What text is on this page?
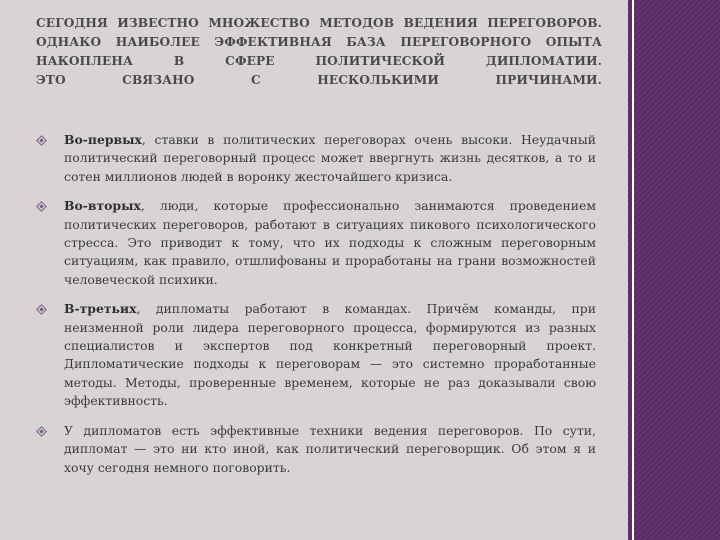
СЕГОДНЯ ИЗВЕСТНО МНОЖЕСТВО МЕТОДОВ ВЕДЕНИЯ ПЕРЕГОВОРОВ.
ОДНАКО НАИБОЛЕЕ ЭФФЕКТИВНАЯ БАЗА ПЕРЕГОВОРНОГО ОПЫТА
НАКОПЛЕНА В СФЕРЕ ПОЛИТИЧЕСКОЙ ДИПЛОМАТИИ.
ЭТО СВЯЗАНО С НЕСКОЛЬКИМИ ПРИЧИНАМИ.
Во-первых, ставки в политических переговорах очень высоки. Неудачный политический переговорный процесс может ввергнуть жизнь десятков, а то и сотен миллионов людей в воронку жесточайшего кризиса.
Во-вторых, люди, которые профессионально занимаются проведением политических переговоров, работают в ситуациях пикового психологического стресса. Это приводит к тому, что их подходы к сложным переговорным ситуациям, как правило, отшлифованы и проработаны на грани возможностей человеческой психики.
В-третьих, дипломаты работают в командах. Причём команды, при неизменной роли лидера переговорного процесса, формируются из разных специалистов и экспертов под конкретный переговорный проект. Дипломатические подходы к переговорам — это системно проработанные методы. Методы, проверенные временем, которые не раз доказывали свою эффективность.
У дипломатов есть эффективные техники ведения переговоров. По сути, дипломат — это ни кто иной, как политический переговорщик. Об этом я и хочу сегодня немного поговорить.
